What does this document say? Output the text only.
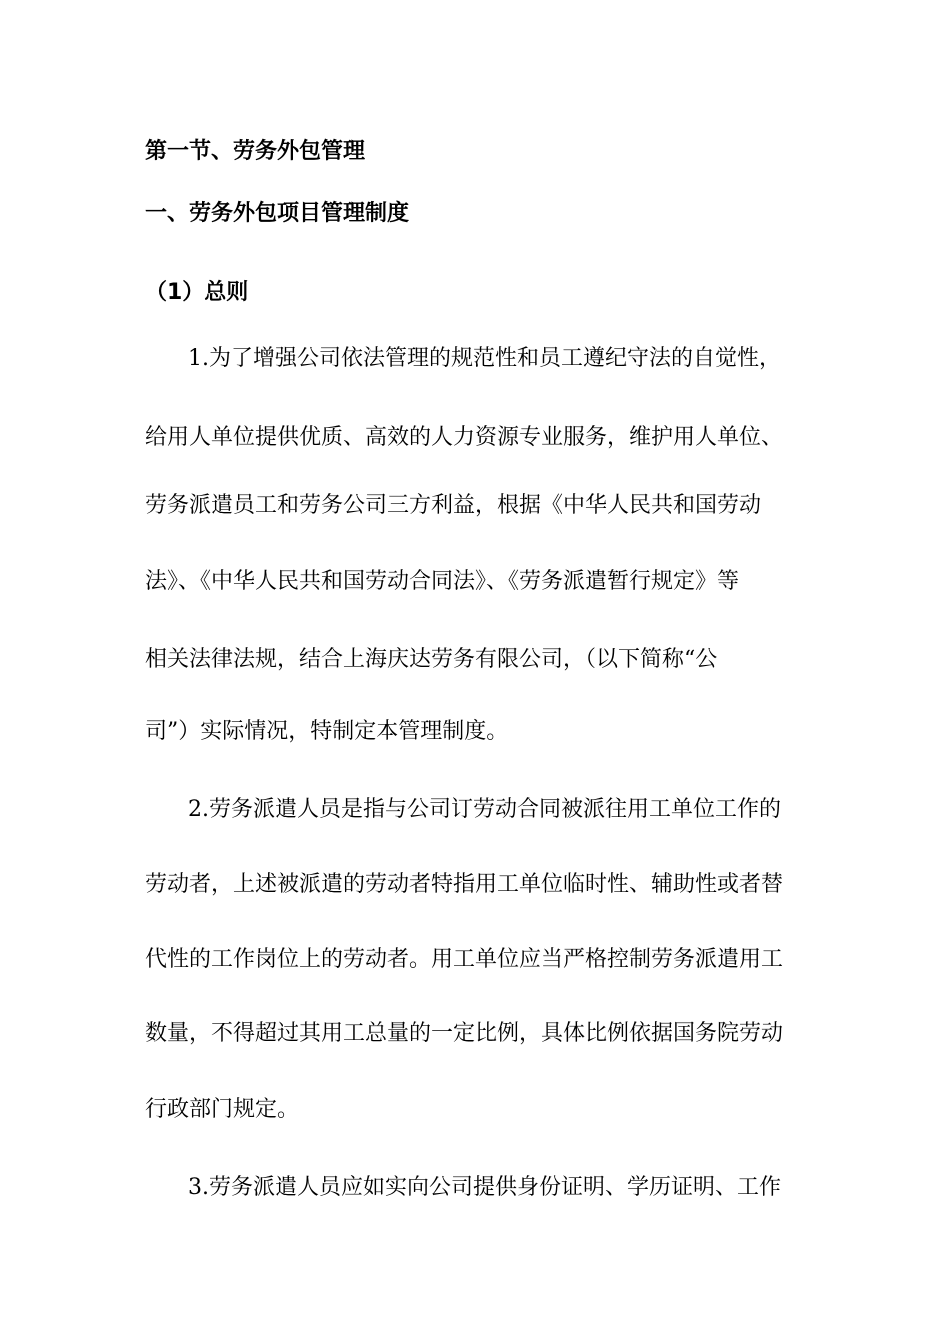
第一节、劳务外包管理
一、劳务外包项目管理制度
（1）总则
1.为了增强公司依法管理的规范性和员工遵纪守法的自觉性，
给用人单位提供优质、高效的人力资源专业服务，维护用人单位、
劳务派遣员工和劳务公司三方利益，根据《中华人民共和国劳动
法》、《中华人民共和国劳动合同法》、《劳务派遣暂行规定》等
相关法律法规，结合上海庆达劳务有限公司，（以下简称“公
司”）实际情况，特制定本管理制度。
2.劳务派遣人员是指与公司订劳动合同被派往用工单位工作的
劳动者，上述被派遣的劳动者特指用工单位临时性、辅助性或者替
代性的工作岗位上的劳动者。用工单位应当严格控制劳务派遣用工
数量，不得超过其用工总量的一定比例，具体比例依据国务院劳动
行政部门规定。
3.劳务派遣人员应如实向公司提供身份证明、学历证明、工作
